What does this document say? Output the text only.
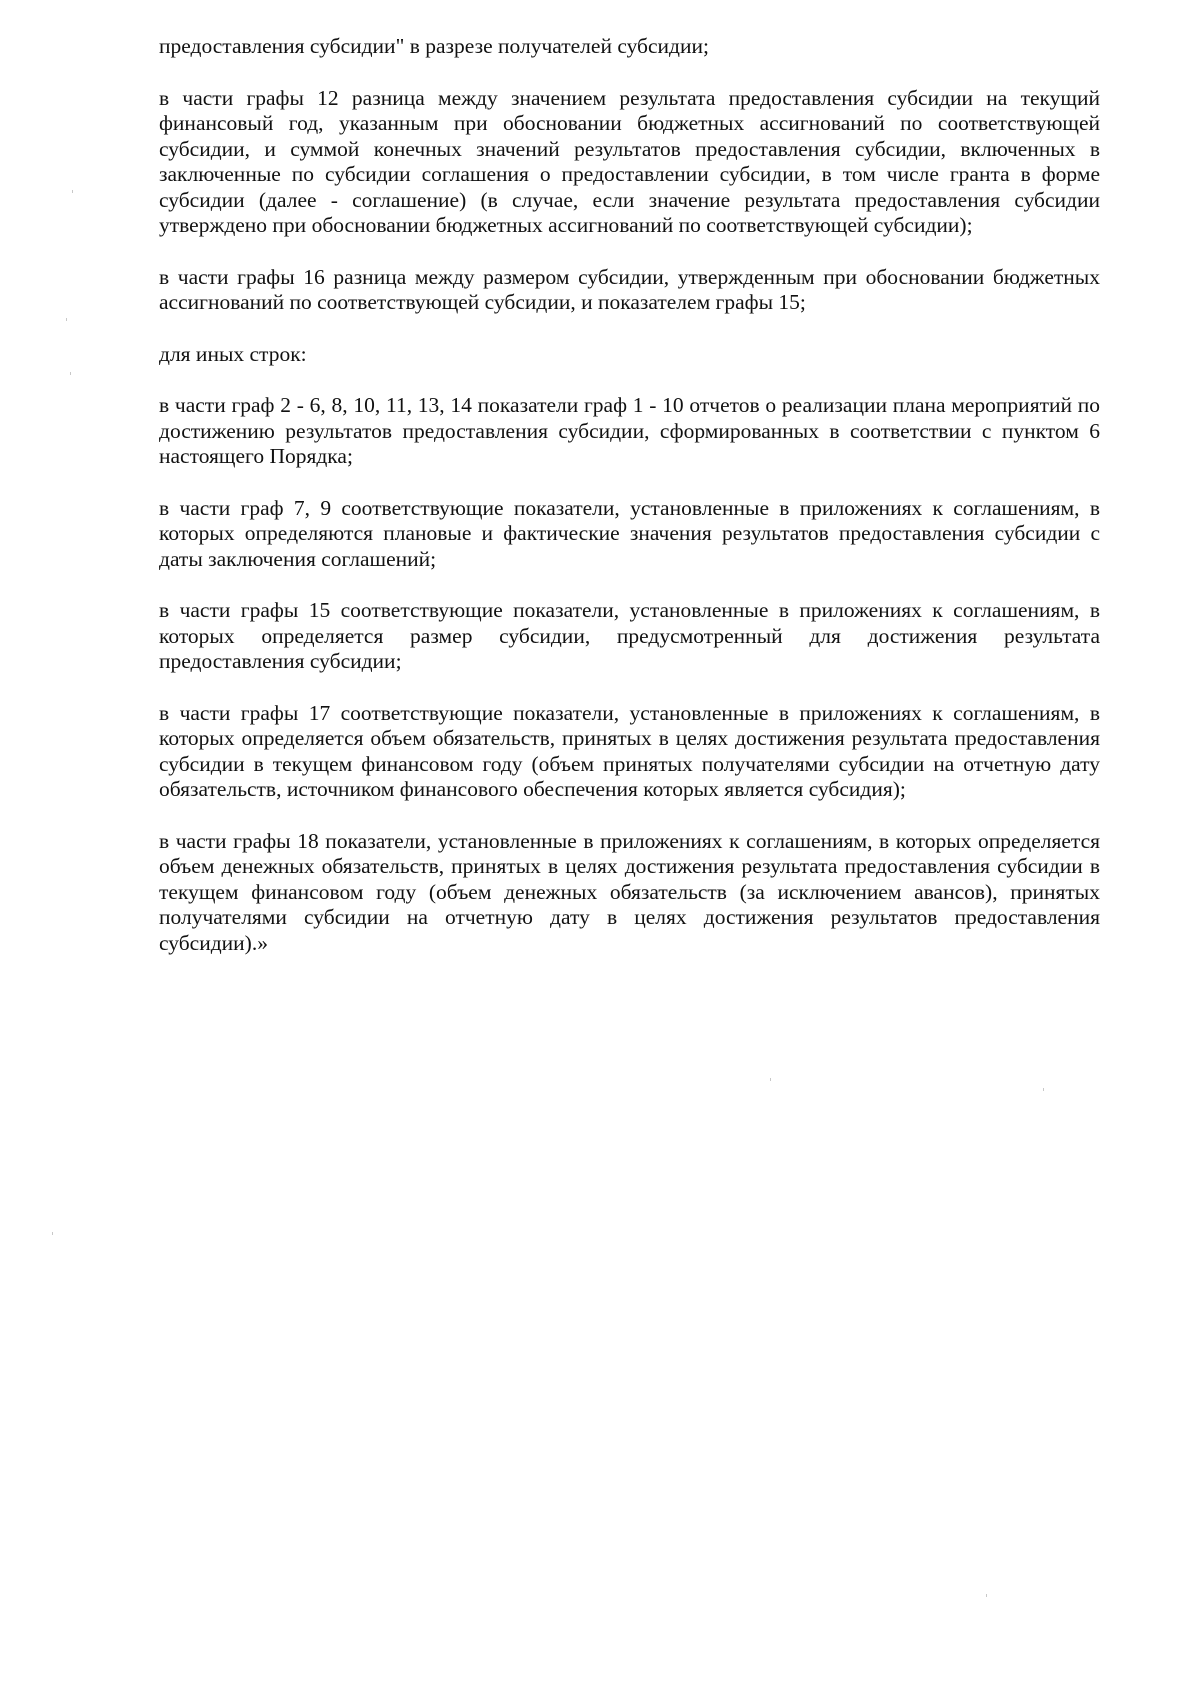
предоставления субсидии" в разрезе получателей субсидии;

в части графы 12 разница между значением результата предоставления субсидии на текущий финансовый год, указанным при обосновании бюджетных ассигнований по соответствующей субсидии, и суммой конечных значений результатов предоставления субсидии, включенных в заключенные по субсидии соглашения о предоставлении субсидии, в том числе гранта в форме субсидии (далее - соглашение) (в случае, если значение результата предоставления субсидии утверждено при обосновании бюджетных ассигнований по соответствующей субсидии);

в части графы 16 разница между размером субсидии, утвержденным при обосновании бюджетных ассигнований по соответствующей субсидии, и показателем графы 15;

для иных строк:

в части граф 2 - 6, 8, 10, 11, 13, 14 показатели граф 1 - 10 отчетов о реализации плана мероприятий по достижению результатов предоставления субсидии, сформированных в соответствии с пунктом 6 настоящего Порядка;

в части граф 7, 9 соответствующие показатели, установленные в приложениях к соглашениям, в которых определяются плановые и фактические значения результатов предоставления субсидии с даты заключения соглашений;

в части графы 15 соответствующие показатели, установленные в приложениях к соглашениям, в которых определяется размер субсидии, предусмотренный для достижения результата предоставления субсидии;

в части графы 17 соответствующие показатели, установленные в приложениях к соглашениям, в которых определяется объем обязательств, принятых в целях достижения результата предоставления субсидии в текущем финансовом году (объем принятых получателями субсидии на отчетную дату обязательств, источником финансового обеспечения которых является субсидия);

в части графы 18 показатели, установленные в приложениях к соглашениям, в которых определяется объем денежных обязательств, принятых в целях достижения результата предоставления субсидии в текущем финансовом году (объем денежных обязательств (за исключением авансов), принятых получателями субсидии на отчетную дату в целях достижения результатов предоставления субсидии).»
